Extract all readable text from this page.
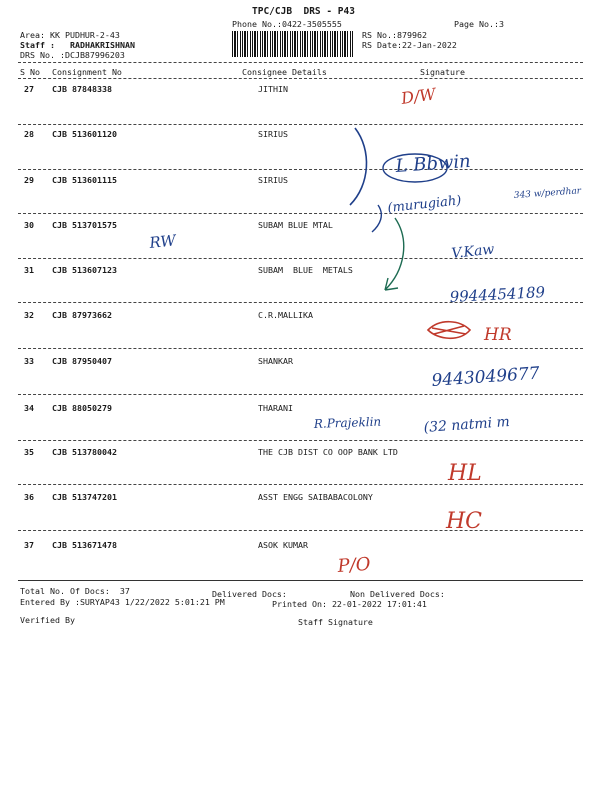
TPC/CJB  DRS - P43
Phone No.:0422-3505555	Page No.:3
Area: KK PUDHUR-2-43
Staff : RADHAKRISHNAN
DRS No. :DCJB87996203
RS No.:879962
RS Date:22-Jan-2022
S No Consignment No	Consignee Details	Signature
27 CJB 87848338	JITHIN
28 CJB 513601120	SIRIUS
29 CJB 513601115	SIRIUS
30 CJB 513701575	SUBAM BLUE MTAL
31 CJB 513607123	SUBAM  BLUE  METALS
32 CJB 87973662	C.R.MALLIKA
33 CJB 87950407	SHANKAR
34 CJB 88050279	THARANI
35 CJB 513780042	THE CJB DIST CO OOP BANK LTD
36 CJB 513747201	ASST ENGG SAIBABACOLONY
37 CJB 513671478	ASOK KUMAR
Total No. Of Docs:  37	Delivered Docs:	Non Delivered Docs:
Entered By :SURYAP43 1/22/2022 5:01:21 PM	Printed On: 22-01-2022 17:01:41
Verified By	Staff Signature
D/W
L Bbwin
(murugiah)	343 w/perdhar
RW	V.Kaw
9944454189
HR
9443049677
R.Prajeklin	(32 natmi m
HL
HC
P/O
